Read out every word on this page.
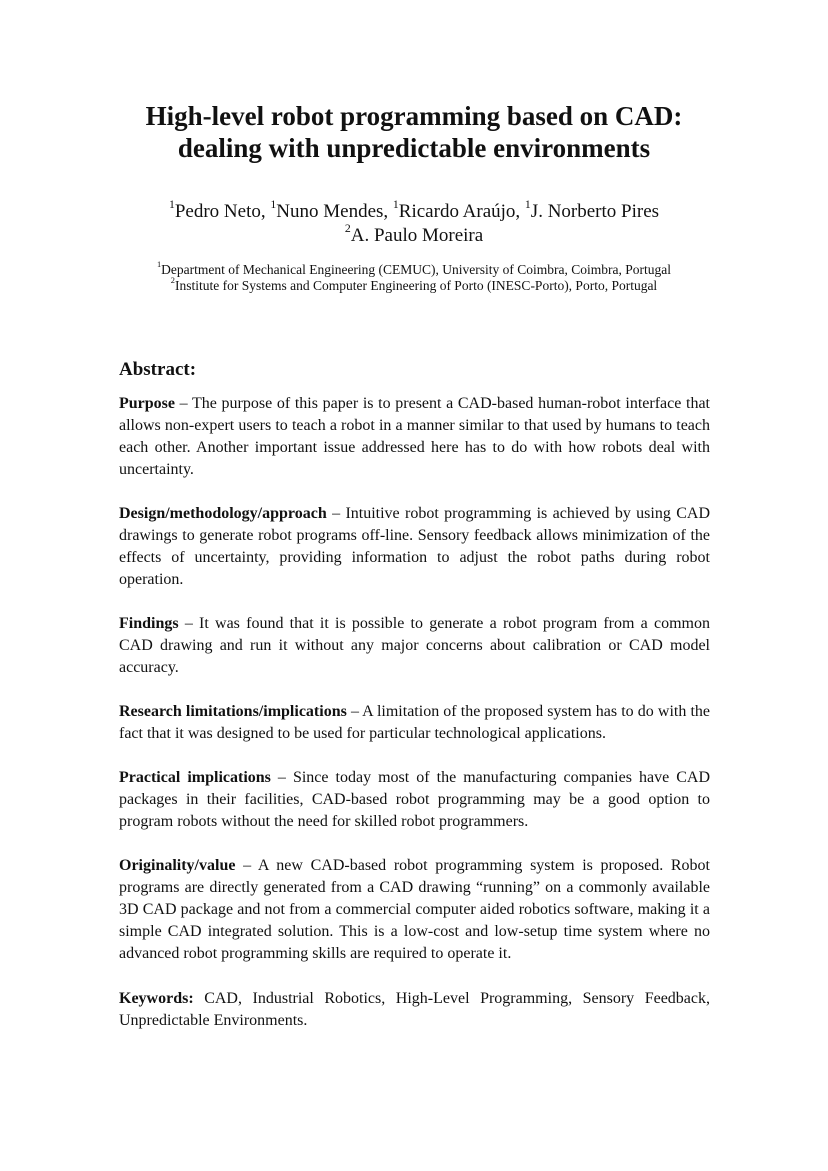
High-level robot programming based on CAD:
dealing with unpredictable environments
$^1$Pedro Neto, $^1$Nuno Mendes, $^1$Ricardo Araújo, $^1$J. Norberto Pires
$^2$A. Paulo Moreira
$^1$Department of Mechanical Engineering (CEMUC), University of Coimbra, Coimbra, Portugal
$^2$Institute for Systems and Computer Engineering of Porto (INESC-Porto), Porto, Portugal
Abstract:

Purpose – The purpose of this paper is to present a CAD-based human-robot interface that allows non-expert users to teach a robot in a manner similar to that used by humans to teach each other. Another important issue addressed here has to do with how robots deal with uncertainty.

Design/methodology/approach – Intuitive robot programming is achieved by using CAD drawings to generate robot programs off-line. Sensory feedback allows minimization of the effects of uncertainty, providing information to adjust the robot paths during robot operation.

Findings – It was found that it is possible to generate a robot program from a common CAD drawing and run it without any major concerns about calibration or CAD model accuracy.

Research limitations/implications – A limitation of the proposed system has to do with the fact that it was designed to be used for particular technological applications.

Practical implications – Since today most of the manufacturing companies have CAD packages in their facilities, CAD-based robot programming may be a good option to program robots without the need for skilled robot programmers.

Originality/value – A new CAD-based robot programming system is proposed. Robot programs are directly generated from a CAD drawing “running” on a commonly available 3D CAD package and not from a commercial computer aided robotics software, making it a simple CAD integrated solution. This is a low-cost and low-setup time system where no advanced robot programming skills are required to operate it.

Keywords: CAD, Industrial Robotics, High-Level Programming, Sensory Feedback, Unpredictable Environments.
